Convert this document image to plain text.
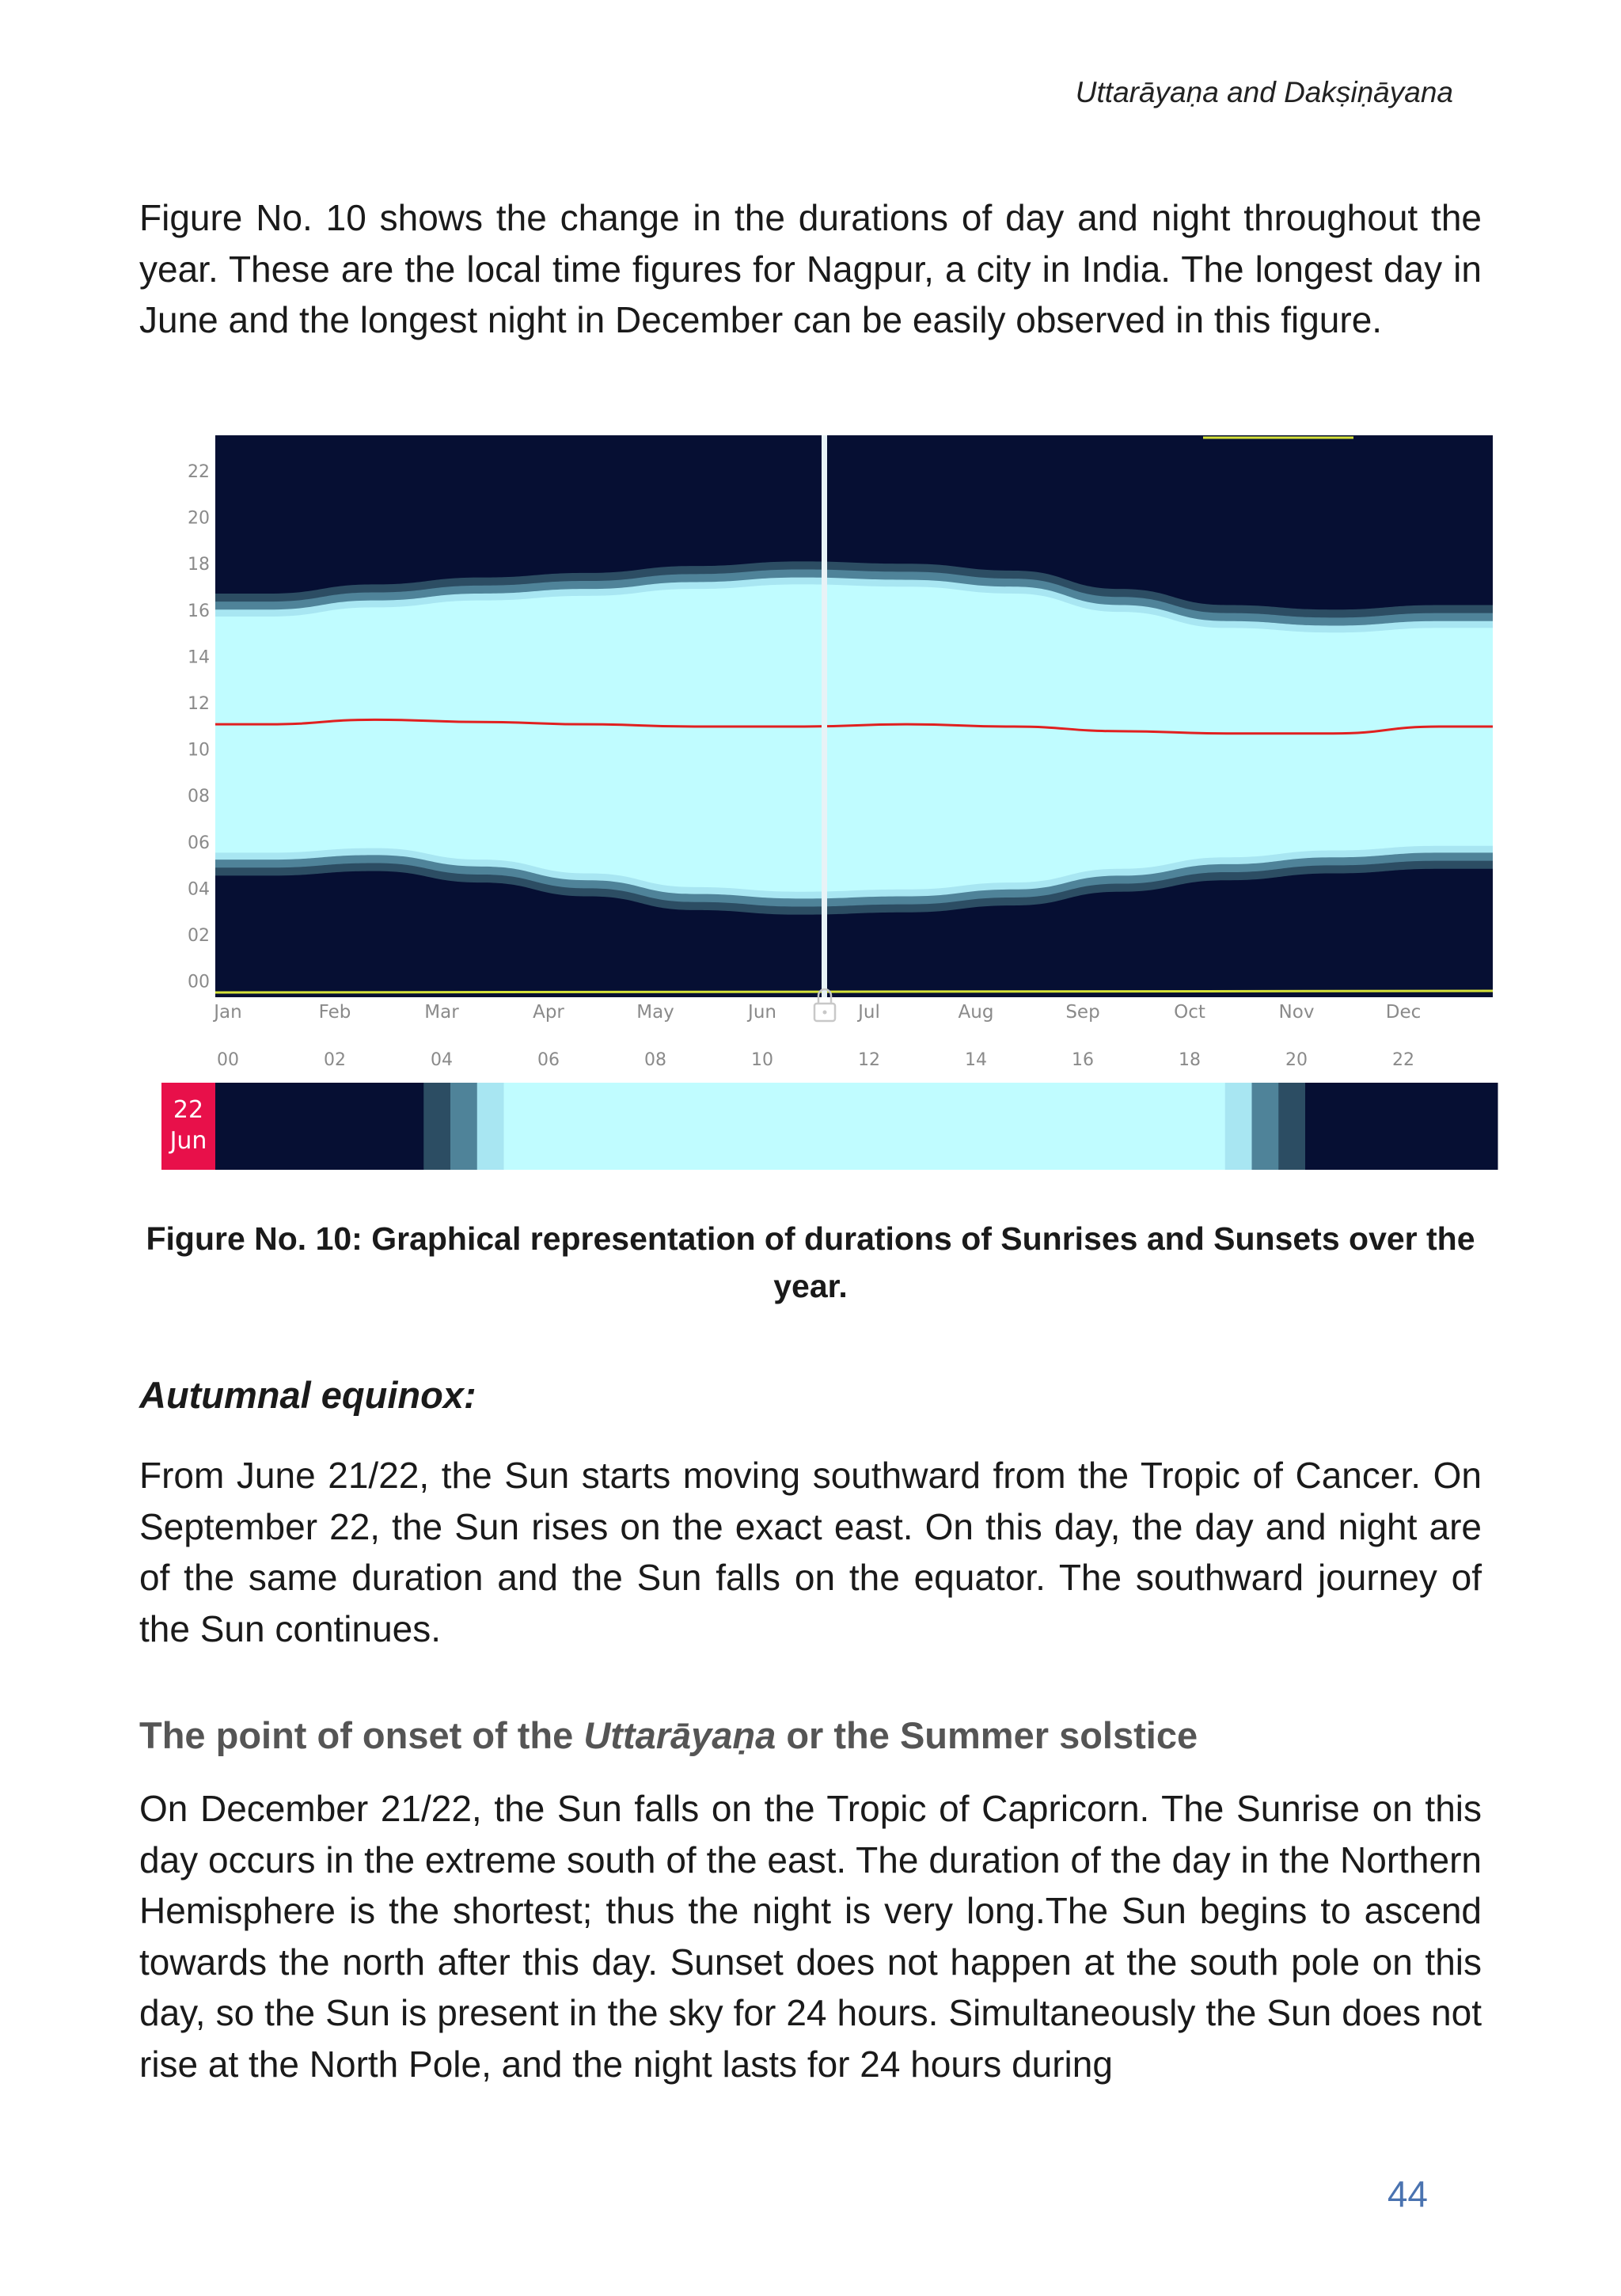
Uttarāyaṇa and Dakṣiṇāyana

Figure No. 10 shows the change in the durations of day and night throughout the year. These are the local time figures for Nagpur, a city in India. The longest day in June and the longest night in December can be easily observed in this figure.

22
20
18
16
14
12
10
08
06
04
02
00
Jan	Feb	Mar	Apr	May	Jun	Jul	Aug	Sep	Oct	Nov	Dec
00	02	04	06	08	10	12	14	16	18	20	22
22
Jun

Figure No. 10: Graphical representation of durations of Sunrises and Sunsets over the year.

Autumnal equinox:

From June 21/22, the Sun starts moving southward from the Tropic of Cancer. On September 22, the Sun rises on the exact east. On this day, the day and night are of the same duration and the Sun falls on the equator. The southward journey of the Sun continues.

The point of onset of the Uttarāyaṇa or the Summer solstice

On December 21/22, the Sun falls on the Tropic of Capricorn. The Sunrise on this day occurs in the extreme south of the east. The duration of the day in the Northern Hemisphere is the shortest; thus the night is very long.The Sun begins to ascend towards the north after this day. Sunset does not happen at the south pole on this day, so the Sun is present in the sky for 24 hours. Simultaneously the Sun does not rise at the North Pole, and the night lasts for 24 hours during

44
